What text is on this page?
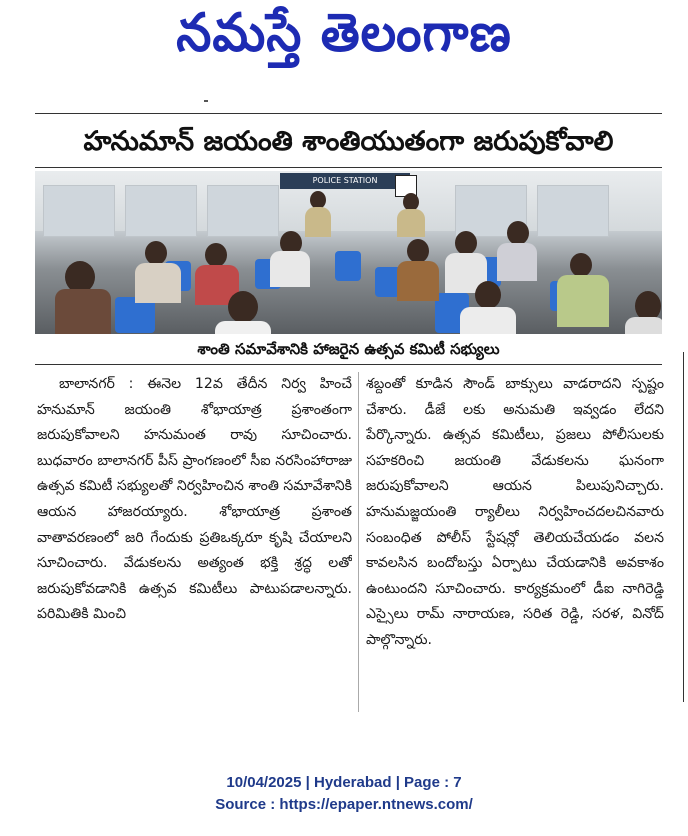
నమస్తే తెలంగాణ
హనుమాన్ జయంతి శాంతియుతంగా జరుపుకోవాలి
POLICE STATION
శాంతి సమావేశానికి హాజరైన ఉత్సవ కమిటీ సభ్యులు

బాలానగర్ : ఈనెల 12వ తేదీన నిర్వ హించే హనుమాన్ జయంతి శోభాయాత్ర ప్రశాంతంగా జరుపుకోవాలని హనుమంత రావు సూచించారు. బుధవారం బాలానగర్ పీస్ ప్రాంగణంలో సీఐ నరసింహారాజు ఉత్సవ కమిటీ సభ్యులతో నిర్వహించిన శాంతి సమావేశానికి ఆయన హాజరయ్యారు. శోభాయాత్ర ప్రశాంత వాతావరణంలో జరి గేందుకు ప్రతిఒక్కరూ కృషి చేయాలని సూచించారు. వేడుకలను అత్యంత భక్తి శ్రద్ధ లతో జరుపుకోవడానికి ఉత్సవ కమిటీలు పాటుపడాలన్నారు. పరిమితికి మించి

శబ్దంతో కూడిన సౌండ్ బాక్సులు వాడరాదని స్పష్టం చేశారు. డీజే లకు అనుమతి ఇవ్వడం లేదని పేర్కొన్నారు. ఉత్సవ కమిటీలు, ప్రజలు పోలీసులకు సహకరించి జయంతి వేడుకలను ఘనంగా జరుపుకోవాలని ఆయన పిలుపునిచ్చారు. హనుమజ్జయంతి ర్యాలీలు నిర్వహించదలచినవారు సంబంధిత పోలీస్ స్టేషన్లో తెలియచేయడం వలన కావలసిన బందోబస్తు ఏర్పాటు చేయడానికి అవకాశం ఉంటుందని సూచించారు. కార్యక్రమంలో డీఐ నాగిరెడ్డి ఎస్సైలు రామ్ నారాయణ, సరిత రెడ్డి, సరళ, వినోద్ పాల్గొన్నారు.

10/04/2025 | Hyderabad | Page : 7
Source : https://epaper.ntnews.com/
